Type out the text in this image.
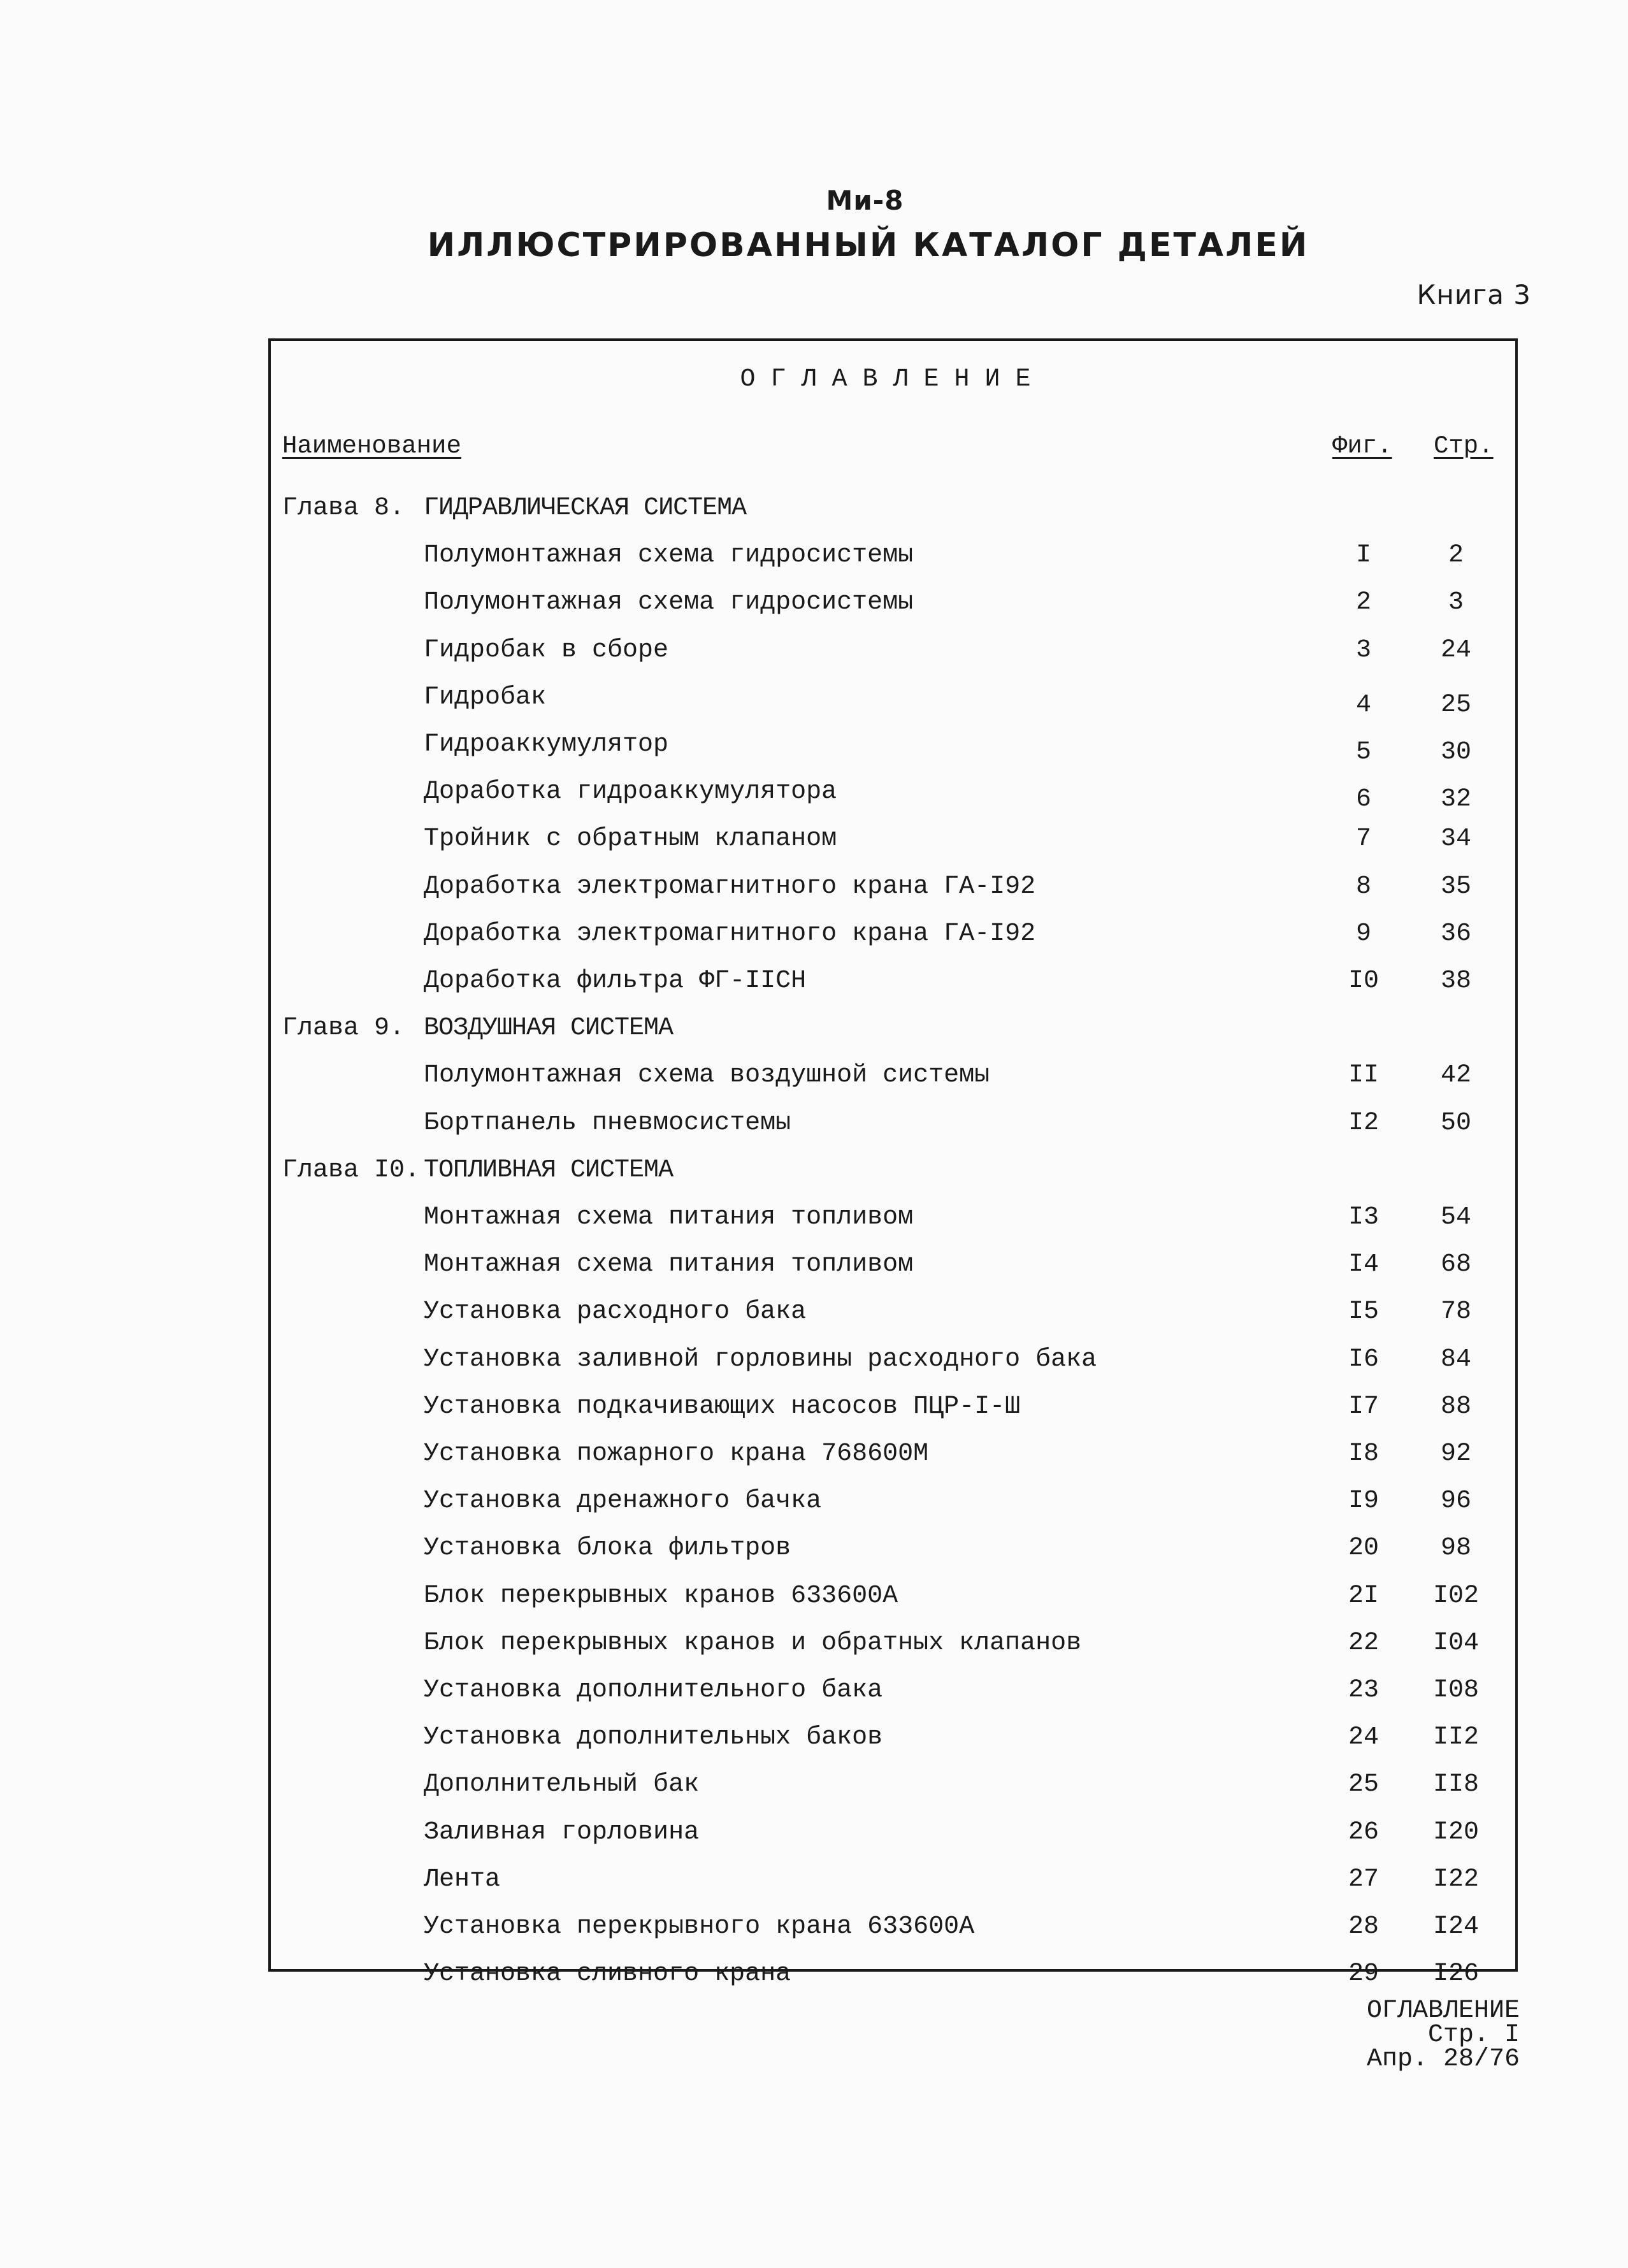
Ми-8
ИЛЛЮСТРИРОВАННЫЙ КАТАЛОГ ДЕТАЛЕЙ
Книга 3
ОГЛАВЛЕНИЕ
Наименование	Фиг. Стр.
Глава 8. ГИДРАВЛИЧЕСКАЯ СИСТЕМА
Полумонтажная схема гидросистемы	I	2
Полумонтажная схема гидросистемы	2	3
Гидробак в сборе	3	24
Гидробак	4	25
Гидроаккумулятор	5	30
Доработка гидроаккумулятора	6	32
Тройник с обратным клапаном	7	34
Доработка электромагнитного крана ГА-I92	8	35
Доработка электромагнитного крана ГА-I92	9	36
Доработка фильтра ФГ-IIСН	I0	38
Глава 9. ВОЗДУШНАЯ СИСТЕМА
Полумонтажная схема воздушной системы	II	42
Бортпанель пневмосистемы	I2	50
Глава I0. ТОПЛИВНАЯ СИСТЕМА
Монтажная схема питания топливом	I3	54
Монтажная схема питания топливом	I4	68
Установка расходного бака	I5	78
Установка заливной горловины расходного бака	I6	84
Установка подкачивающих насосов ПЦР-I-Ш	I7	88
Установка пожарного крана 768600М	I8	92
Установка дренажного бачка	I9	96
Установка блока фильтров	20	98
Блок перекрывных кранов 633600А	2I	I02
Блок перекрывных кранов и обратных клапанов	22	I04
Установка дополнительного бака	23	I08
Установка дополнительных баков	24	II2
Дополнительный бак	25	II8
Заливная горловина	26	I20
Лента	27	I22
Установка перекрывного крана 633600А	28	I24
Установка сливного крана	29	I26
ОГЛАВЛЕНИЕ
Стр. I
Апр. 28/76
